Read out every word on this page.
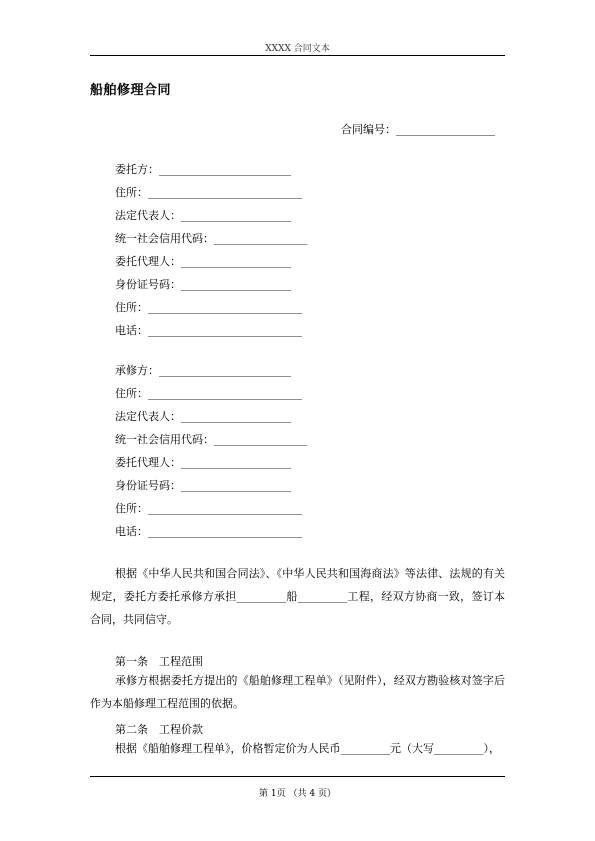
XXXX 合同文本
船舶修理合同
合同编号：__________________
委托方：________________________
住所：____________________________
法定代表人：____________________
统一社会信用代码：_________________
委托代理人：____________________
身份证号码：____________________
住所：____________________________
电话：____________________________
承修方：________________________
住所：____________________________
法定代表人：____________________
统一社会信用代码：_________________
委托代理人：____________________
身份证号码：____________________
住所：____________________________
电话：____________________________
根据《中华人民共和国合同法》、《中华人民共和国海商法》等法律、法规的有关规定，委托方委托承修方承担_________船_________工程，经双方协商一致，签订本合同，共同信守。
第一条　工程范围
承修方根据委托方提出的《船舶修理工程单》（见附件），经双方勘验核对签字后作为本船修理工程范围的依据。
第二条　工程价款
根据《船舶修理工程单》，价格暂定价为人民币_________元（大写_________），
第 1页 （共 4 页）
